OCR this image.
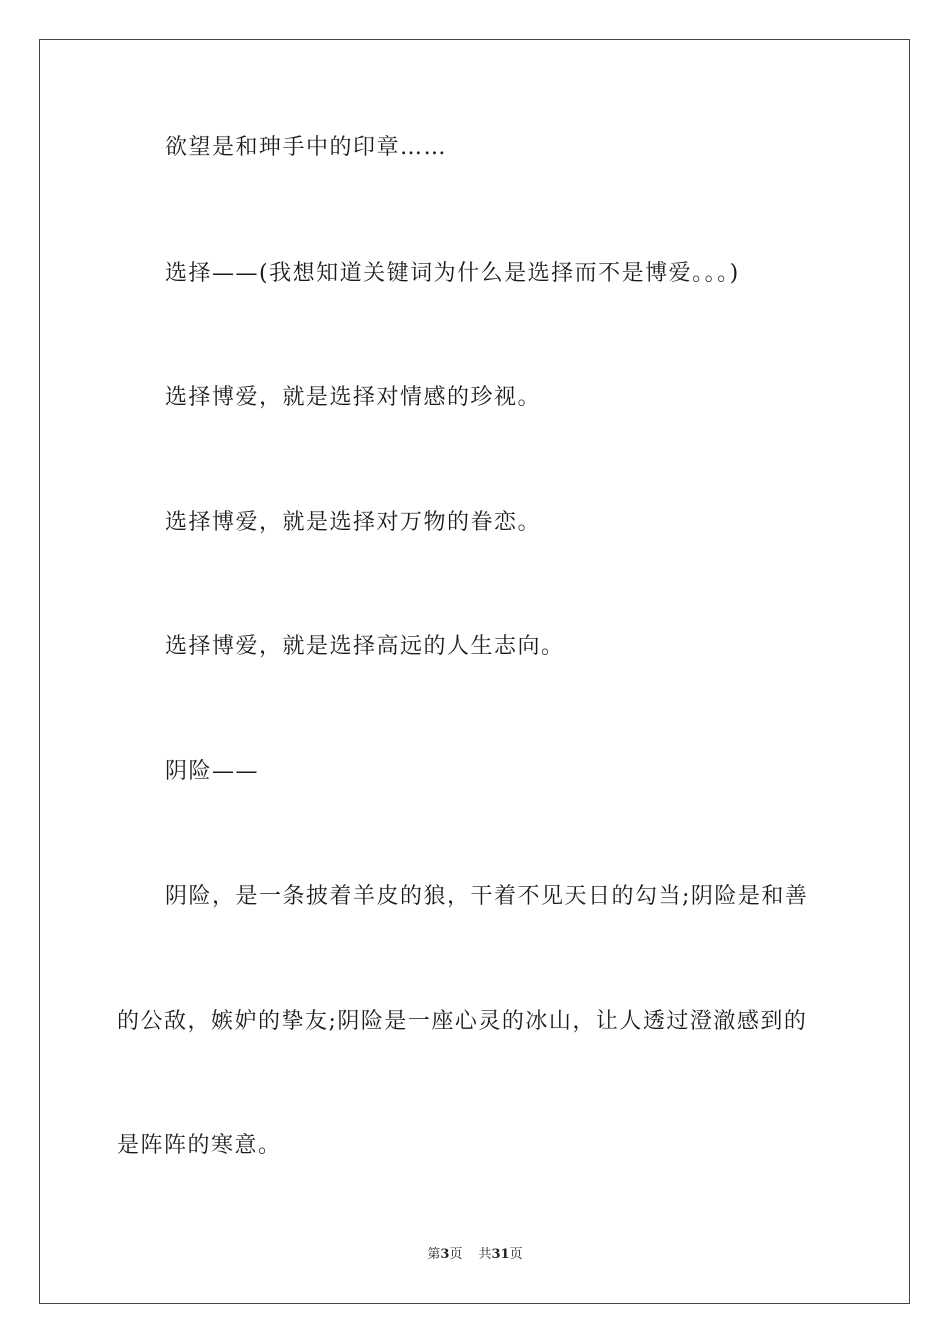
欲望是和珅手中的印章……
选择——(我想知道关键词为什么是选择而不是博爱。。。)
选择博爱，就是选择对情感的珍视。
选择博爱，就是选择对万物的眷恋。
选择博爱，就是选择高远的人生志向。
阴险——
阴险，是一条披着羊皮的狼，干着不见天日的勾当;阴险是和善
的公敌，嫉妒的挚友;阴险是一座心灵的冰山，让人透过澄澈感到的
是阵阵的寒意。
第3页 共31页
